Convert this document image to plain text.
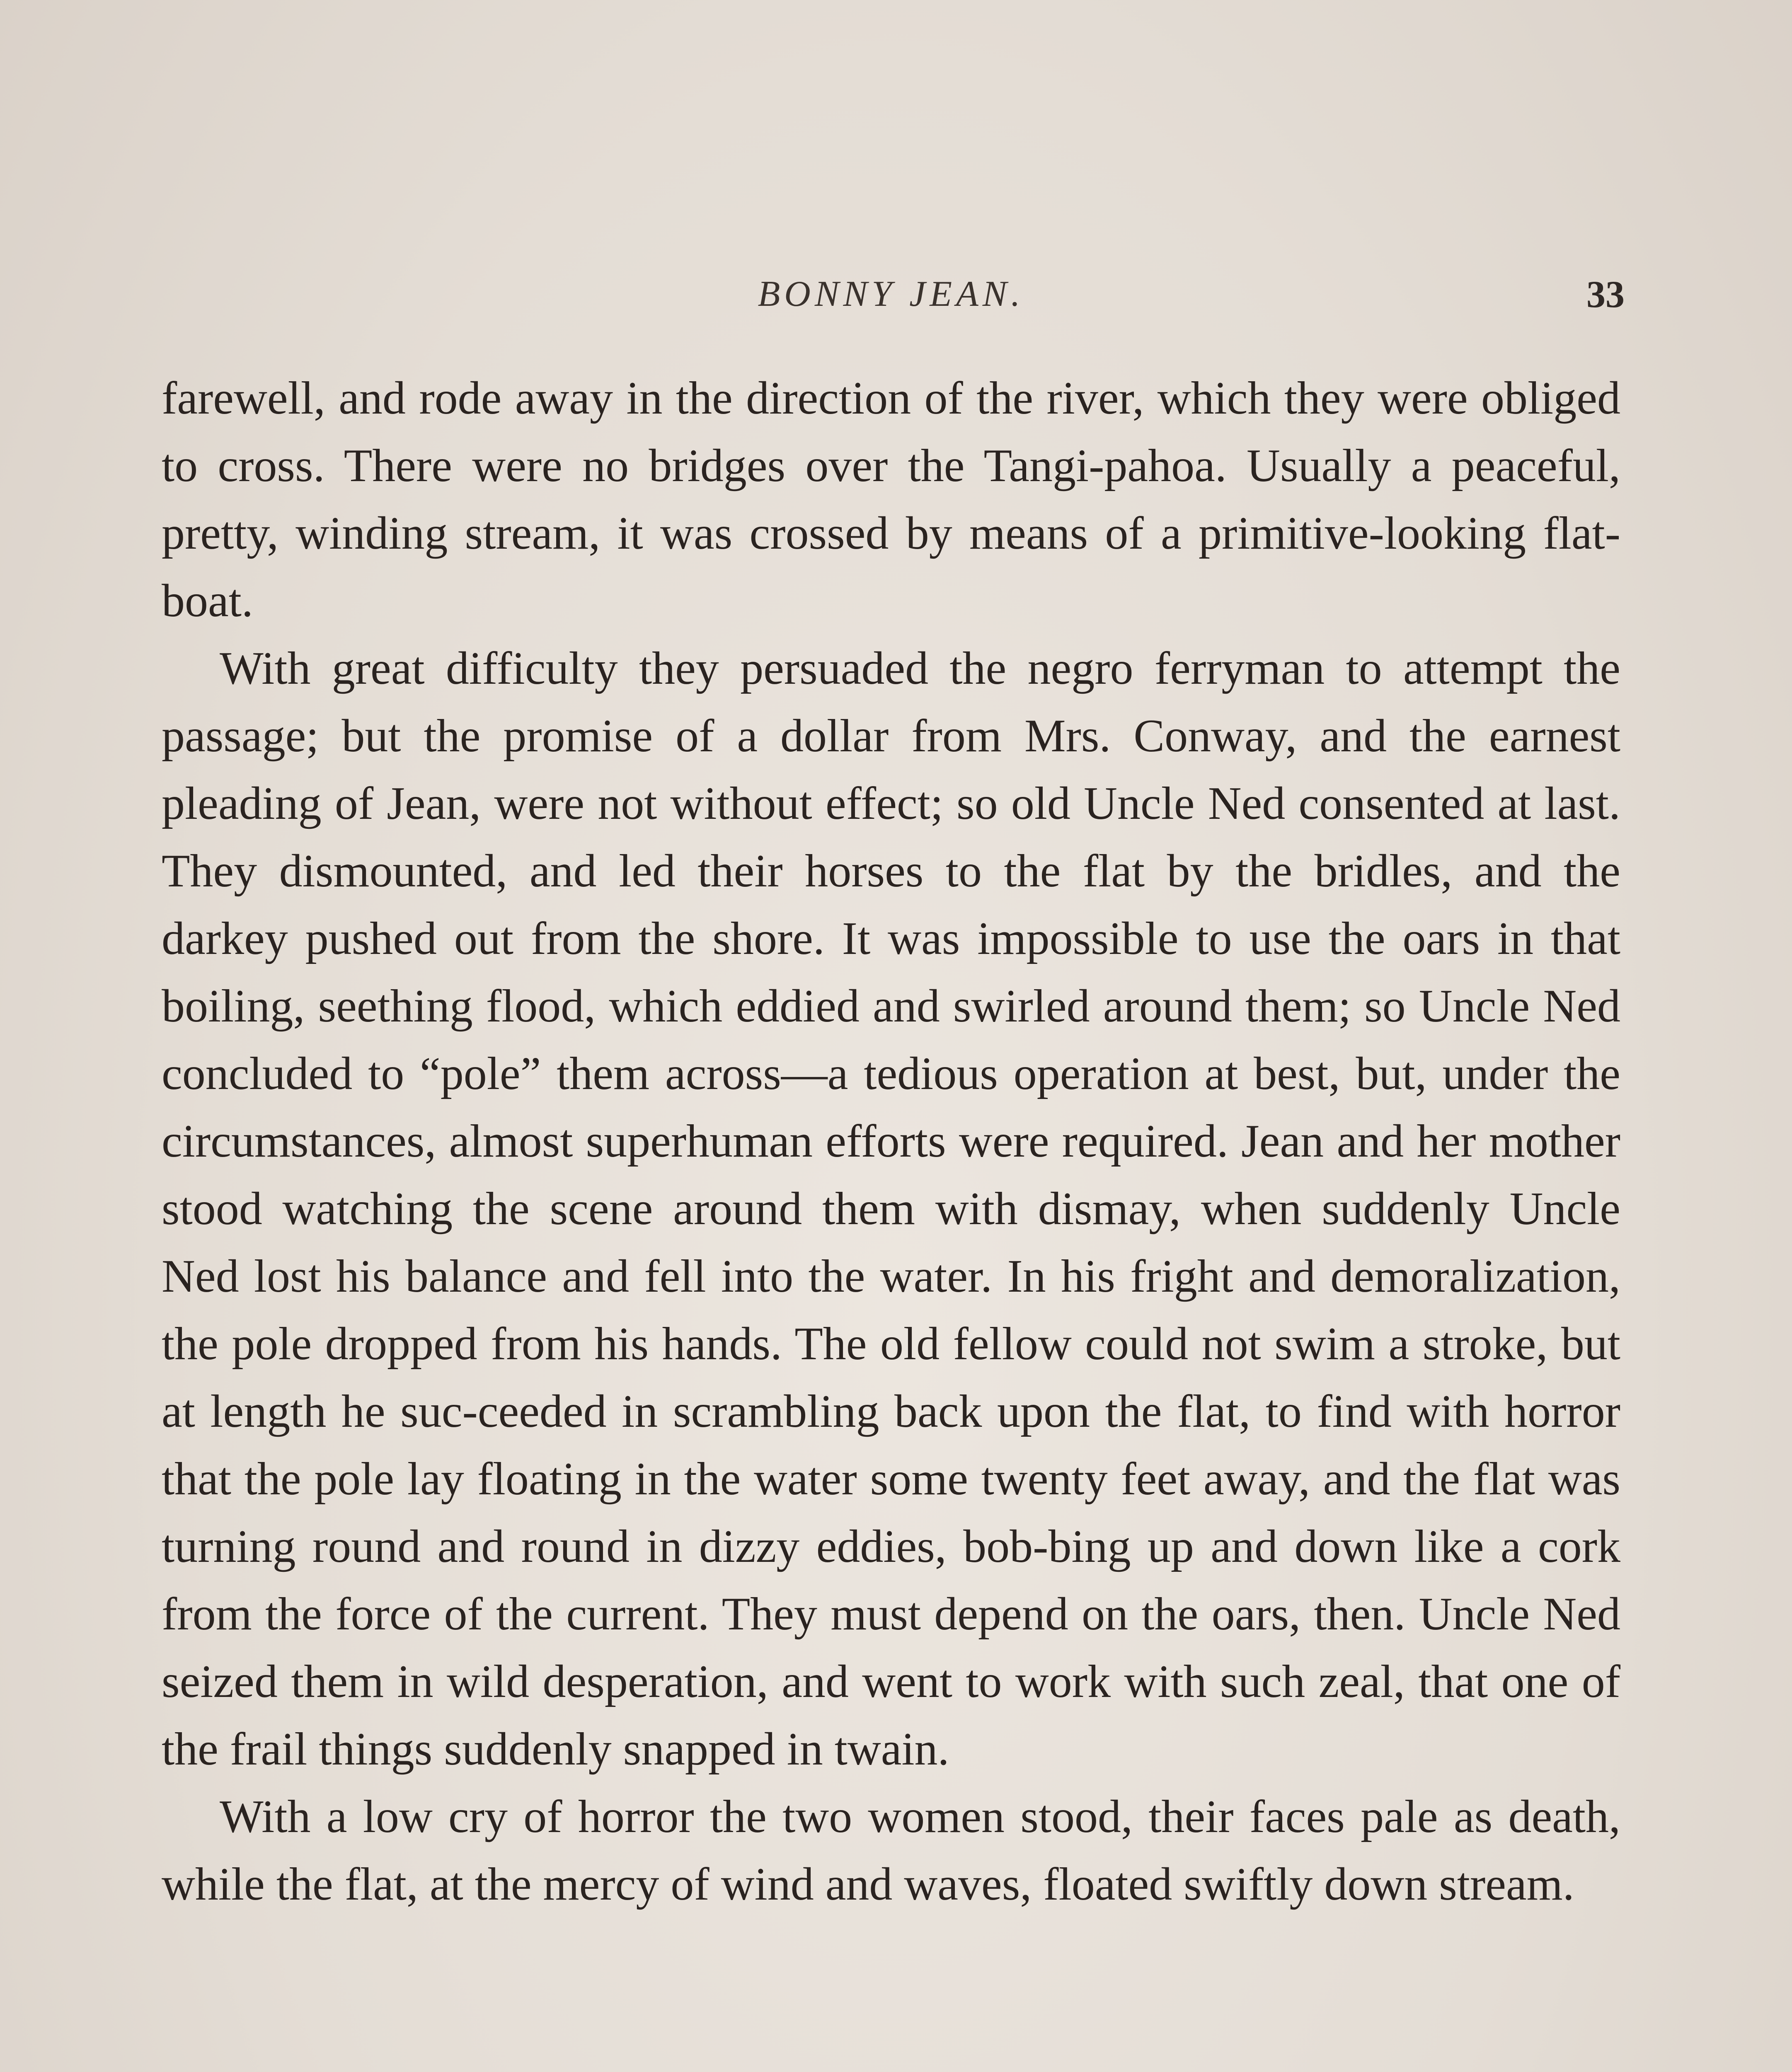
BONNY JEAN.	33

farewell, and rode away in the direction of the river, which they were obliged to cross. There were no bridges over the Tangi-pahoa. Usually a peaceful, pretty, winding stream, it was crossed by means of a primitive-looking flat-boat.

With great difficulty they persuaded the negro ferryman to attempt the passage; but the promise of a dollar from Mrs. Conway, and the earnest pleading of Jean, were not without effect; so old Uncle Ned consented at last. They dismounted, and led their horses to the flat by the bridles, and the darkey pushed out from the shore. It was impossible to use the oars in that boiling, seething flood, which eddied and swirled around them; so Uncle Ned concluded to “pole” them across—a tedious operation at best, but, under the circumstances, almost superhuman efforts were required. Jean and her mother stood watching the scene around them with dismay, when suddenly Uncle Ned lost his balance and fell into the water. In his fright and demoralization, the pole dropped from his hands. The old fellow could not swim a stroke, but at length he suc-ceeded in scrambling back upon the flat, to find with horror that the pole lay floating in the water some twenty feet away, and the flat was turning round and round in dizzy eddies, bob-bing up and down like a cork from the force of the current. They must depend on the oars, then. Uncle Ned seized them in wild desperation, and went to work with such zeal, that one of the frail things suddenly snapped in twain.

With a low cry of horror the two women stood, their faces pale as death, while the flat, at the mercy of wind and waves, floated swiftly down stream.
